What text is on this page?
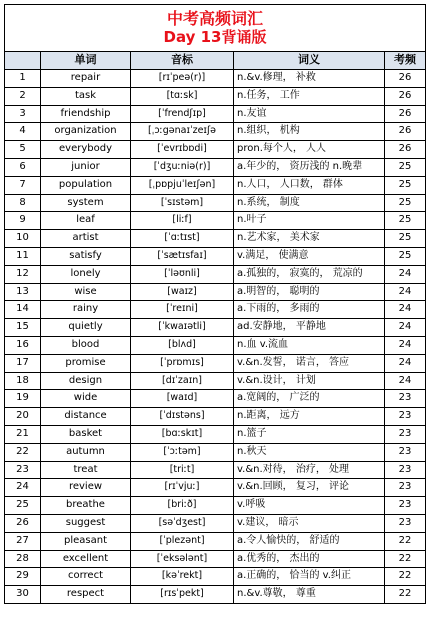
中考高频词汇
Day 13背诵版				

	单词	音标	词义	考频
1	repair	[rɪˈpeə(r)]	n.&v.修理， 补救	26
2	task	[tɑːsk]	n.任务， 工作	26
3	friendship	[ˈfrendʃɪp]	n.友谊	26
4	organization	[ˌɔːgənaɪˈzeɪʃə	n.组织， 机构	26
5	everybody	[ˈevrɪbɒdi]	pron.每个人， 人人	26
6	junior	[ˈdʒuːniə(r)]	a.年少的， 资历浅的 n.晚辈	25
7	population	[ˌpɒpjuˈleɪʃən]	n.人口， 人口数， 群体	25
8	system	[ˈsɪstəm]	n.系统， 制度	25
9	leaf	[liːf]	n.叶子	25
10	artist	[ˈɑːtɪst]	n.艺术家， 美术家	25
11	satisfy	[ˈsætɪsfaɪ]	v.满足， 使满意	25
12	lonely	[ˈləʊnli]	a.孤独的， 寂寞的， 荒凉的	24
13	wise	[waɪz]	a.明智的， 聪明的	24
14	rainy	[ˈreɪni]	a.下雨的， 多雨的	24
15	quietly	[ˈkwaɪətli]	ad.安静地， 平静地	24
16	blood	[blʌd]	n.血 v.流血	24
17	promise	[ˈprɒmɪs]	v.&n.发誓， 诺言， 答应	24
18	design	[dɪˈzaɪn]	v.&n.设计， 计划	24
19	wide	[waɪd]	a.宽阔的， 广泛的	23
20	distance	[ˈdɪstəns]	n.距离， 远方	23
21	basket	[bɑːskɪt]	n.篮子	23
22	autumn	[ˈɔːtəm]	n.秋天	23
23	treat	[triːt]	v.&n.对待， 治疗， 处理	23
24	review	[rɪˈvjuː]	v.&n.回顾， 复习， 评论	23
25	breathe	[briːð]	v.呼吸	23
26	suggest	[səˈdʒest]	v.建议， 暗示	23
27	pleasant	[ˈplezənt]	a.令人愉快的， 舒适的	22
28	excellent	[ˈeksələnt]	a.优秀的， 杰出的	22
29	correct	[kəˈrekt]	a.正确的， 恰当的 v.纠正	22
30	respect	[rɪsˈpekt]	n.&v.尊敬， 尊重	22
